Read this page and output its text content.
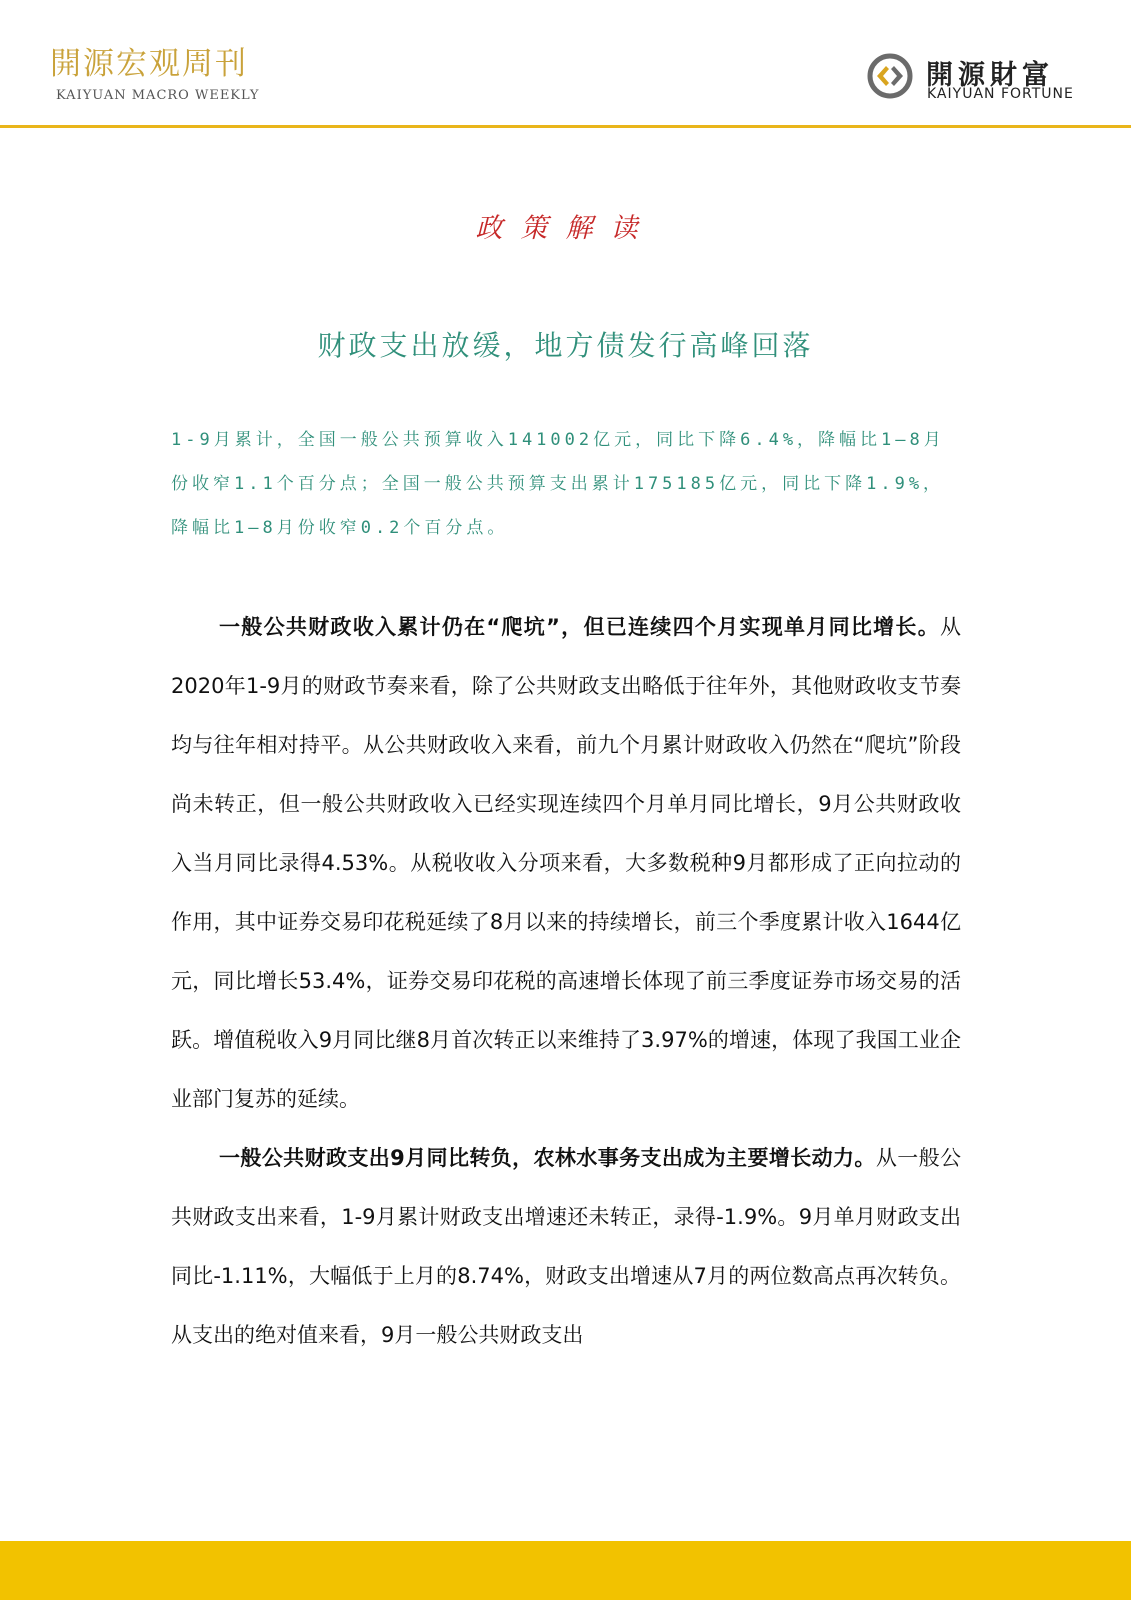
開源宏观周刊
KAIYUAN MACRO WEEKLY
開源財富
KAIYUAN FORTUNE
政策解读
财政支出放缓，地方债发行高峰回落
1-9月累计，全国一般公共预算收入141002亿元，同比下降6.4%，降幅比1—8月份收窄1.1个百分点；全国一般公共预算支出累计175185亿元，同比下降1.9%，降幅比1—8月份收窄0.2个百分点。

一般公共财政收入累计仍在“爬坑”，但已连续四个月实现单月同比增长。从2020年1-9月的财政节奏来看，除了公共财政支出略低于往年外，其他财政收支节奏均与往年相对持平。从公共财政收入来看，前九个月累计财政收入仍然在“爬坑”阶段尚未转正，但一般公共财政收入已经实现连续四个月单月同比增长，9月公共财政收入当月同比录得4.53%。从税收收入分项来看，大多数税种9月都形成了正向拉动的作用，其中证券交易印花税延续了8月以来的持续增长，前三个季度累计收入1644亿元，同比增长53.4%，证券交易印花税的高速增长体现了前三季度证券市场交易的活跃。增值税收入9月同比继8月首次转正以来维持了3.97%的增速，体现了我国工业企业部门复苏的延续。

一般公共财政支出9月同比转负，农林水事务支出成为主要增长动力。从一般公共财政支出来看，1-9月累计财政支出增速还未转正，录得-1.9%。9月单月财政支出同比-1.11%，大幅低于上月的8.74%，财政支出增速从7月的两位数高点再次转负。从支出的绝对值来看，9月一般公共财政支出
